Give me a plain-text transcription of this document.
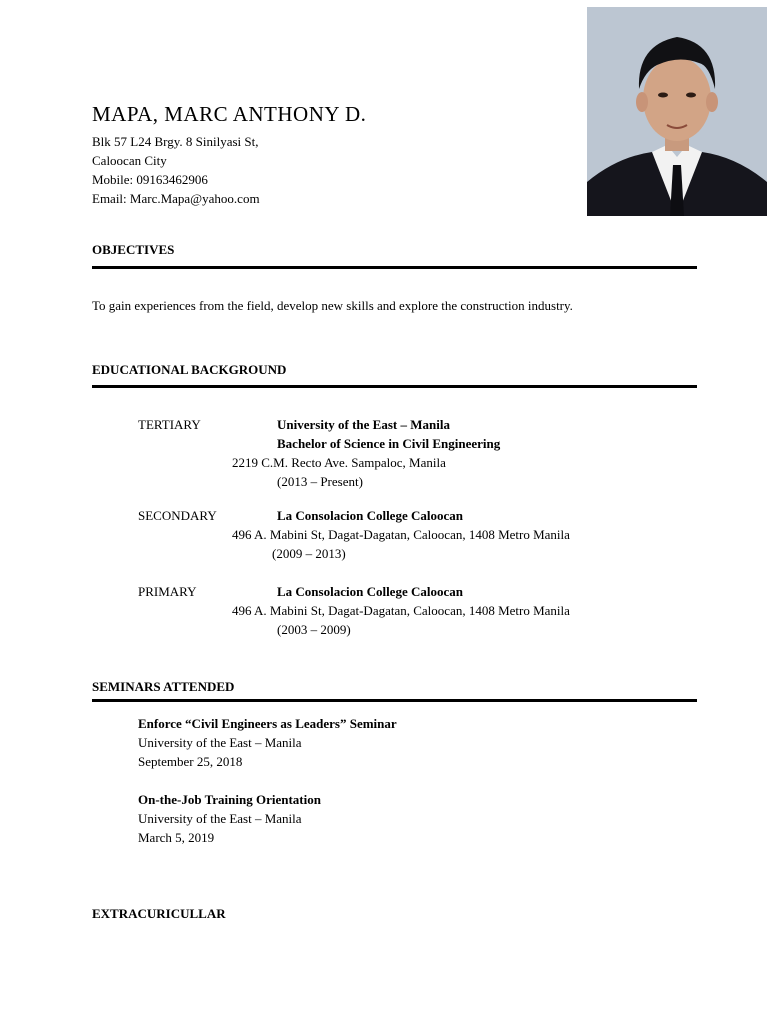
MAPA, MARC ANTHONY D.
Blk 57 L24 Brgy. 8 Sinilyasi St,
Caloocan City
Mobile: 09163462906
Email: Marc.Mapa@yahoo.com
OBJECTIVES
To gain experiences from the field, develop new skills and explore the construction industry.
EDUCATIONAL BACKGROUND
TERTIARY	University of the East – Manila
Bachelor of Science in Civil Engineering
2219 C.M. Recto Ave. Sampaloc, Manila
(2013 – Present)
SECONDARY	La Consolacion College Caloocan
496 A. Mabini St, Dagat-Dagatan, Caloocan, 1408 Metro Manila
(2009 – 2013)
PRIMARY	La Consolacion College Caloocan
496 A. Mabini St, Dagat-Dagatan, Caloocan, 1408 Metro Manila
(2003 – 2009)
SEMINARS ATTENDED
Enforce “Civil Engineers as Leaders” Seminar
University of the East – Manila
September 25, 2018
On-the-Job Training Orientation
University of the East – Manila
March 5, 2019
EXTRACURICULLAR
